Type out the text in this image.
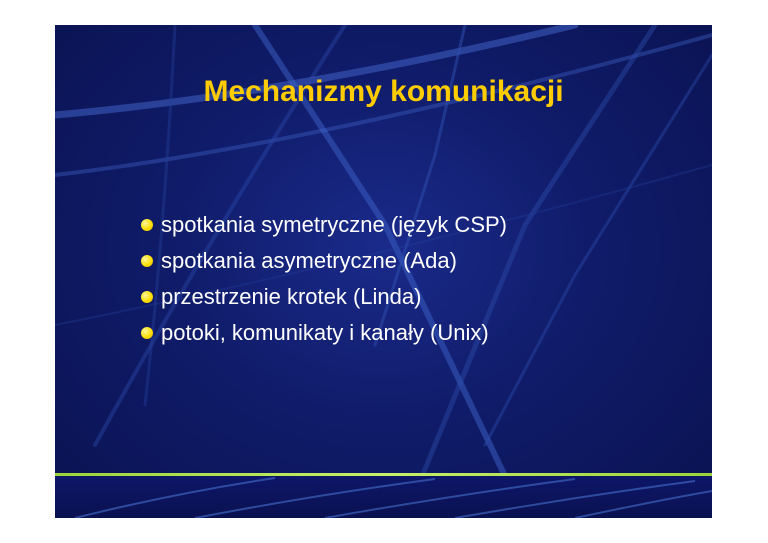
Mechanizmy komunikacji
spotkania symetryczne (język CSP)
spotkania asymetryczne (Ada)
przestrzenie krotek (Linda)
potoki, komunikaty i kanały (Unix)
